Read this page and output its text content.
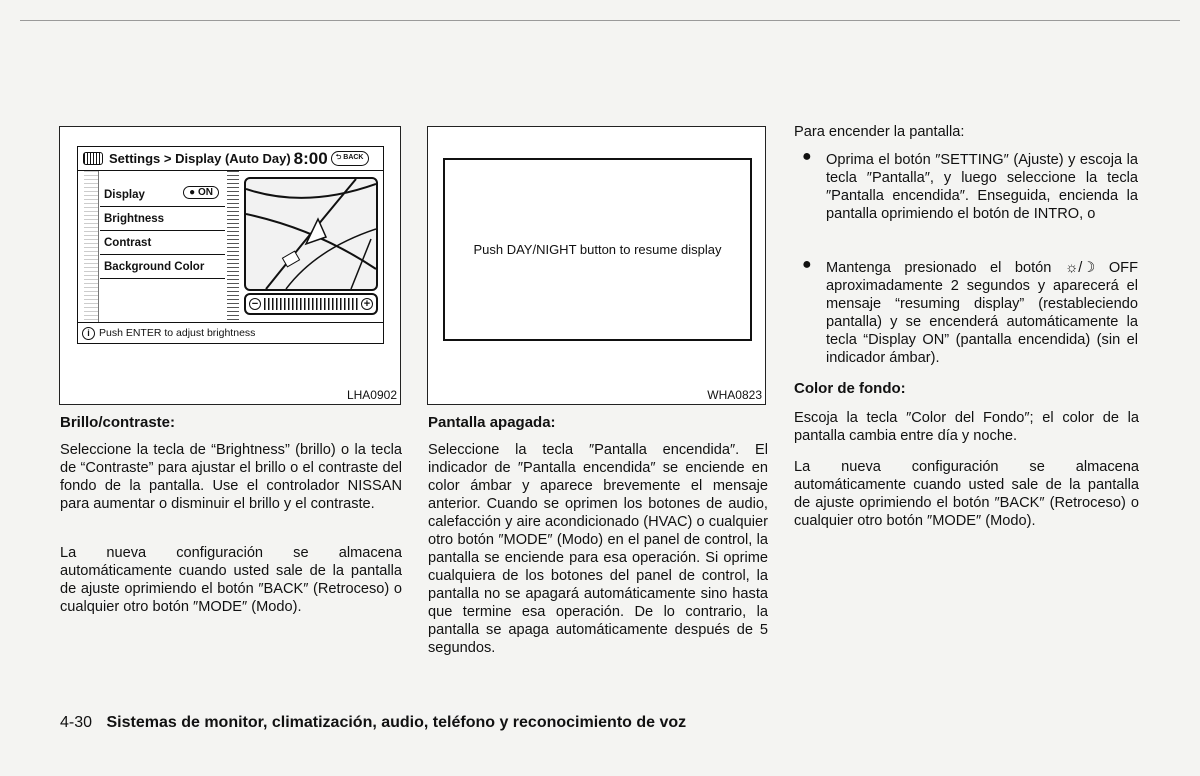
Settings > Display (Auto Day) 8:00	⮌ BACK
Display	● ON
Brightness
Contrast
Background Color
−	+
i Push ENTER to adjust brightness
LHA0902
Push DAY/NIGHT button to resume display
WHA0823
Brillo/contraste:
Seleccione la tecla de “Brightness” (brillo) o la tecla de “Contraste” para ajustar el brillo o el contraste del fondo de la pantalla. Use el controlador NISSAN para aumentar o disminuir el brillo y el contraste.
La nueva configuración se almacena automáticamente cuando usted sale de la pantalla de ajuste oprimiendo el botón ″BACK″ (Retroceso) o cualquier otro botón ″MODE″ (Modo).
Pantalla apagada:
Seleccione la tecla ″Pantalla encendida″. El indicador de ″Pantalla encendida″ se enciende en color ámbar y aparece brevemente el mensaje anterior. Cuando se oprimen los botones de audio, calefacción y aire acondicionado (HVAC) o cualquier otro botón ″MODE″ (Modo) en el panel de control, la pantalla se enciende para esa operación. Si oprime cualquiera de los botones del panel de control, la pantalla no se apagará automáticamente sino hasta que termine esa operación. De lo contrario, la pantalla se apaga automáticamente después de 5 segundos.
Para encender la pantalla:
● Oprima el botón ″SETTING″ (Ajuste) y escoja la tecla ″Pantalla″, y luego seleccione la tecla ″Pantalla encendida″. Enseguida, encienda la pantalla oprimiendo el botón de INTRO, o
● Mantenga presionado el botón ☼/☽ OFF aproximadamente 2 segundos y aparecerá el mensaje “resuming display” (restableciendo pantalla) y se encenderá automáticamente la tecla “Display ON” (pantalla encendida) (sin el indicador ámbar).
Color de fondo:
Escoja la tecla ″Color del Fondo″; el color de la pantalla cambia entre día y noche.
La nueva configuración se almacena automáticamente cuando usted sale de la pantalla de ajuste oprimiendo el botón ″BACK″ (Retroceso) o cualquier otro botón ″MODE″ (Modo).
4-30 Sistemas de monitor, climatización, audio, teléfono y reconocimiento de voz
